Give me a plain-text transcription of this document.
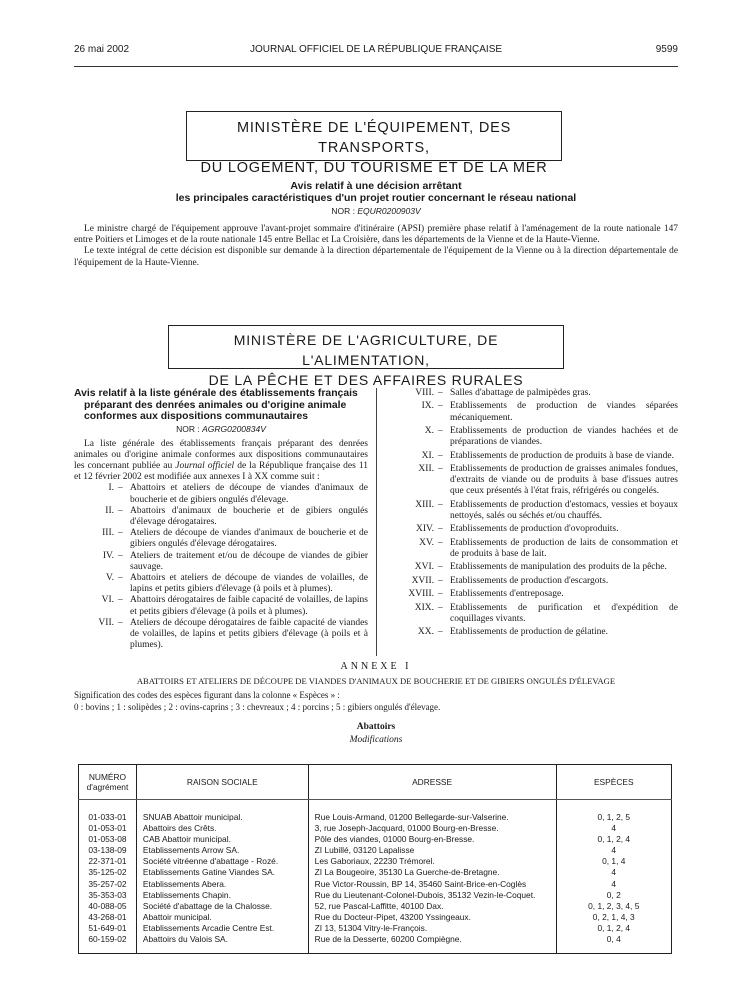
JOURNAL OFFICIEL DE LA RÉPUBLIQUE FRANÇAISE
26 mai 2002	9599
MINISTÈRE DE L'ÉQUIPEMENT, DES TRANSPORTS,
DU LOGEMENT, DU TOURISME ET DE LA MER
Avis relatif à une décision arrêtant
les principales caractéristiques d'un projet routier concernant le réseau national
NOR : EQUR0200903V

Le ministre chargé de l'équipement approuve l'avant-projet sommaire d'itinéraire (APSI) première phase relatif à l'aménagement de la route nationale 147 entre Poitiers et Limoges et de la route nationale 145 entre Bellac et La Croisière, dans les départements de la Vienne et de la Haute-Vienne.

Le texte intégral de cette décision est disponible sur demande à la direction départementale de l'équipement de la Vienne ou à la direction départementale de l'équipement de la Haute-Vienne.

MINISTÈRE DE L'AGRICULTURE, DE L'ALIMENTATION,
DE LA PÊCHE ET DES AFFAIRES RURALES
Avis relatif à la liste générale des établissements français préparant des denrées animales ou d'origine animale conformes aux dispositions communautaires
NOR : AGRG0200834V

La liste générale des établissements français préparant des denrées animales ou d'origine animale conformes aux dispositions communautaires les concernant publiée au Journal officiel de la République française des 11 et 12 février 2002 est modifiée aux annexes I à XX comme suit :

I. – Abattoirs et ateliers de découpe de viandes d'animaux de boucherie et de gibiers ongulés d'élevage.
II. – Abattoirs d'animaux de boucherie et de gibiers ongulés d'élevage dérogataires.
III. – Ateliers de découpe de viandes d'animaux de boucherie et de gibiers ongulés d'élevage dérogataires.
IV. – Ateliers de traitement et/ou de découpe de viandes de gibier sauvage.
V. – Abattoirs et ateliers de découpe de viandes de volailles, de lapins et petits gibiers d'élevage (à poils et à plumes).
VI. – Abattoirs dérogataires de faible capacité de volailles, de lapins et petits gibiers d'élevage (à poils et à plumes).
VII. – Ateliers de découpe dérogataires de faible capacité de viandes de volailles, de lapins et petits gibiers d'élevage (à poils et à plumes).
VIII. – Salles d'abattage de palmipèdes gras.
IX. – Etablissements de production de viandes séparées mécaniquement.
X. – Etablissements de production de viandes hachées et de préparations de viandes.
XI. – Etablissements de production de produits à base de viande.
XII. – Etablissements de production de graisses animales fondues, d'extraits de viande ou de produits à base d'issues autres que ceux présentés à l'état frais, réfrigérés ou congelés.
XIII. – Etablissements de production d'estomacs, vessies et boyaux nettoyés, salés ou séchés et/ou chauffés.
XIV. – Etablissements de production d'ovoproduits.
XV. – Etablissements de production de laits de consommation et de produits à base de lait.
XVI. – Etablissements de manipulation des produits de la pêche.
XVII. – Etablissements de production d'escargots.
XVIII. – Etablissements d'entreposage.
XIX. – Etablissements de purification et d'expédition de coquillages vivants.
XX. – Etablissements de production de gélatine.
ANNEXE I
ABATTOIRS ET ATELIERS DE DÉCOUPE DE VIANDES D'ANIMAUX DE BOUCHERIE ET DE GIBIERS ONGULÉS D'ÉLEVAGE
Signification des codes des espèces figurant dans la colonne « Espèces » :
0 : bovins ; 1 : solipèdes ; 2 : ovins-caprins ; 3 : chevreaux ; 4 : porcins ; 5 : gibiers ongulés d'élevage.
Abattoirs
Modifications
NUMÉRO
d'agrément	RAISON SOCIALE	ADRESSE	ESPÈCES

01-033-01	SNUAB Abattoir municipal.	Rue Louis-Armand, 01200 Bellegarde-sur-Valserine.	0, 1, 2, 5
01-053-01	Abattoirs des Crêts.	3, rue Joseph-Jacquard, 01000 Bourg-en-Bresse.	4
01-053-08	CAB Abattoir municipal.	Pôle des viandes, 01000 Bourg-en-Bresse.	0, 1, 2, 4
03-138-09	Etablissements Arrow SA.	ZI Lubillé, 03120 Lapalisse	4
22-371-01	Société vitréenne d'abattage - Rozé.	Les Gaboriaux, 22230 Trémorel.	0, 1, 4
35-125-02	Etablissements Gatine Viandes SA.	ZI La Bougeoire, 35130 La Guerche-de-Bretagne.	4
35-257-02	Etablissements Abera.	Rue Victor-Roussin, BP 14, 35460 Saint-Brice-en-Coglès	4
35-353-03	Etablissements Chapin.	Rue du Lieutenant-Colonel-Dubois, 35132 Vezin-le-Coquet.	0, 2
40-088-05	Société d'abattage de la Chalosse.	52, rue Pascal-Laffitte, 40100 Dax.	0, 1, 2, 3, 4, 5
43-268-01	Abattoir municipal.	Rue du Docteur-Pipet, 43200 Yssingeaux.	0, 2, 1, 4, 3
51-649-01	Etablissements Arcadie Centre Est.	ZI 13, 51304 Vitry-le-François.	0, 1, 2, 4
60-159-02	Abattoirs du Valois SA.	Rue de la Desserte, 60200 Compiègne.	0, 4
